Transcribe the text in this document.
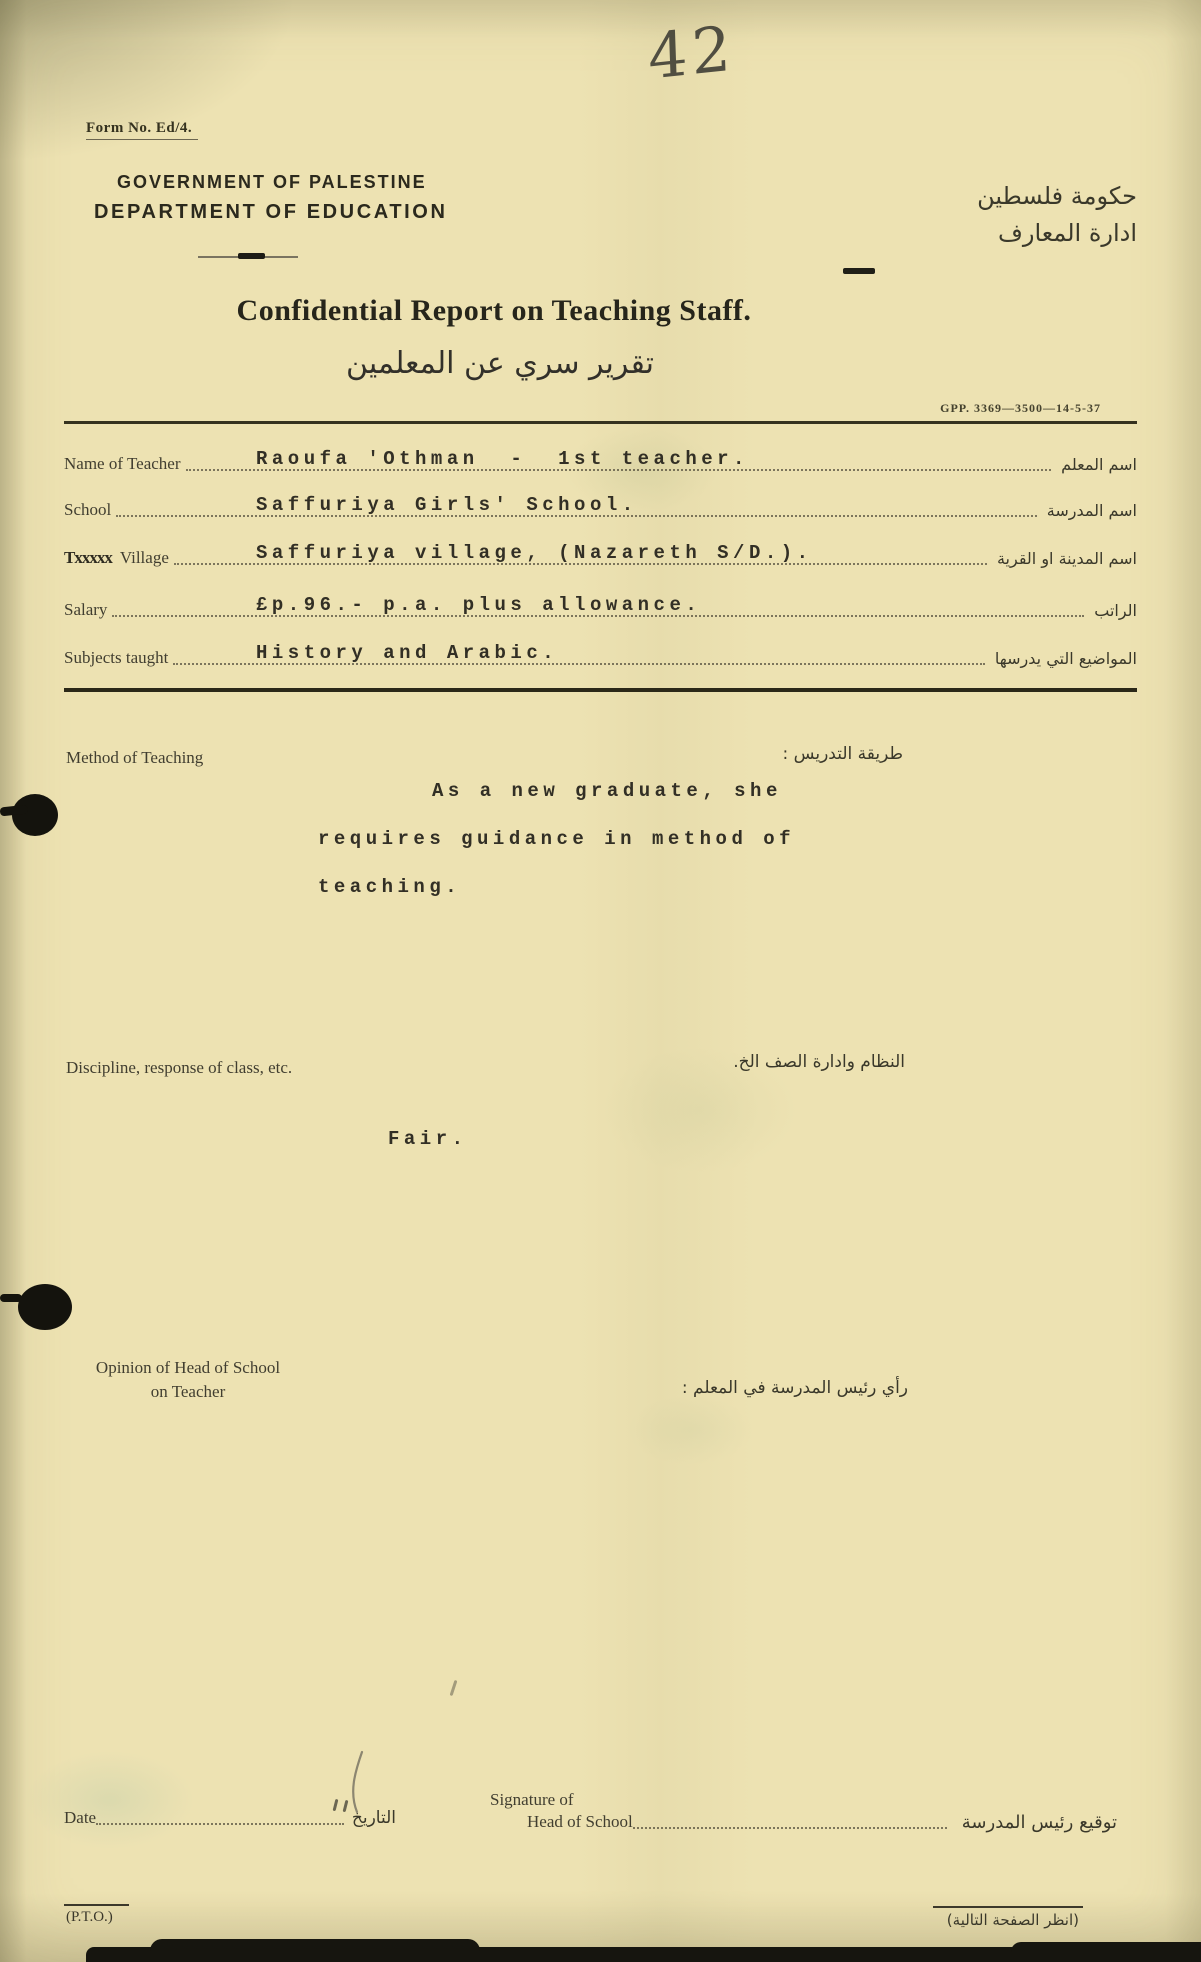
42
Form No. Ed/4.
GOVERNMENT OF PALESTINE
DEPARTMENT OF EDUCATION
حكومة فلسطين
ادارة المعارف
Confidential Report on Teaching Staff.
تقرير سري عن المعلمين
GPP. 3369—3500—14-5-37
Name of Teacher	اسم المعلم
Raoufa 'Othman  -  1st teacher.
School	اسم المدرسة
Saffuriya Girls' School.
Txxxxx Village	اسم المدينة او القرية
Saffuriya village, (Nazareth S/D.).
Salary	الراتب
£p.96.- p.a. plus allowance.
Subjects taught	المواضيع التي يدرسها
History and Arabic.
Method of Teaching	طريقة التدريس :
As a new graduate, she
requires guidance in method of
teaching.
Discipline, response of class, etc.	النظام وادارة الصف الخ.
Fair.
Opinion of Head of School
on Teacher	رأي رئيس المدرسة في المعلم :
Signature of
Head of School
Date	التاريخ	توقيع رئيس المدرسة
(P.T.O.)	(انظر الصفحة التالية)
